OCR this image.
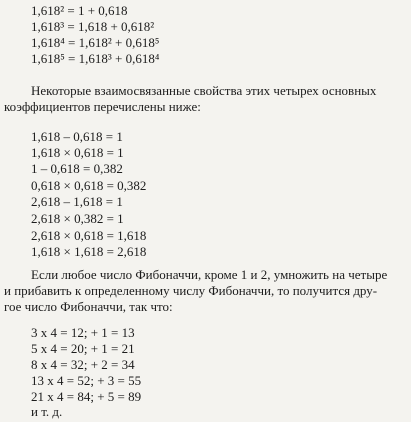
1,618² = 1 + 0,618
1,618³ = 1,618 + 0,618²
1,618⁴ = 1,618² + 0,618⁵
1,618⁵ = 1,618³ + 0,618⁴
Некоторые взаимосвязанные свойства этих четырех основных
коэффициентов перечислены ниже:
1,618 – 0,618 = 1
1,618 × 0,618 = 1
1 – 0,618 = 0,382
0,618 × 0,618 = 0,382
2,618 – 1,618 = 1
2,618 × 0,382 = 1
2,618 × 0,618 = 1,618
1,618 × 1,618 = 2,618
Если любое число Фибоначчи, кроме 1 и 2, умножить на четыре
и прибавить к определенному числу Фибоначчи, то получится дру-
гое число Фибоначчи, так что:
3 x 4 = 12; + 1 = 13
5 x 4 = 20; + 1 = 21
8 x 4 = 32; + 2 = 34
13 x 4 = 52; + 3 = 55
21 x 4 = 84; + 5 = 89
и т. д.
